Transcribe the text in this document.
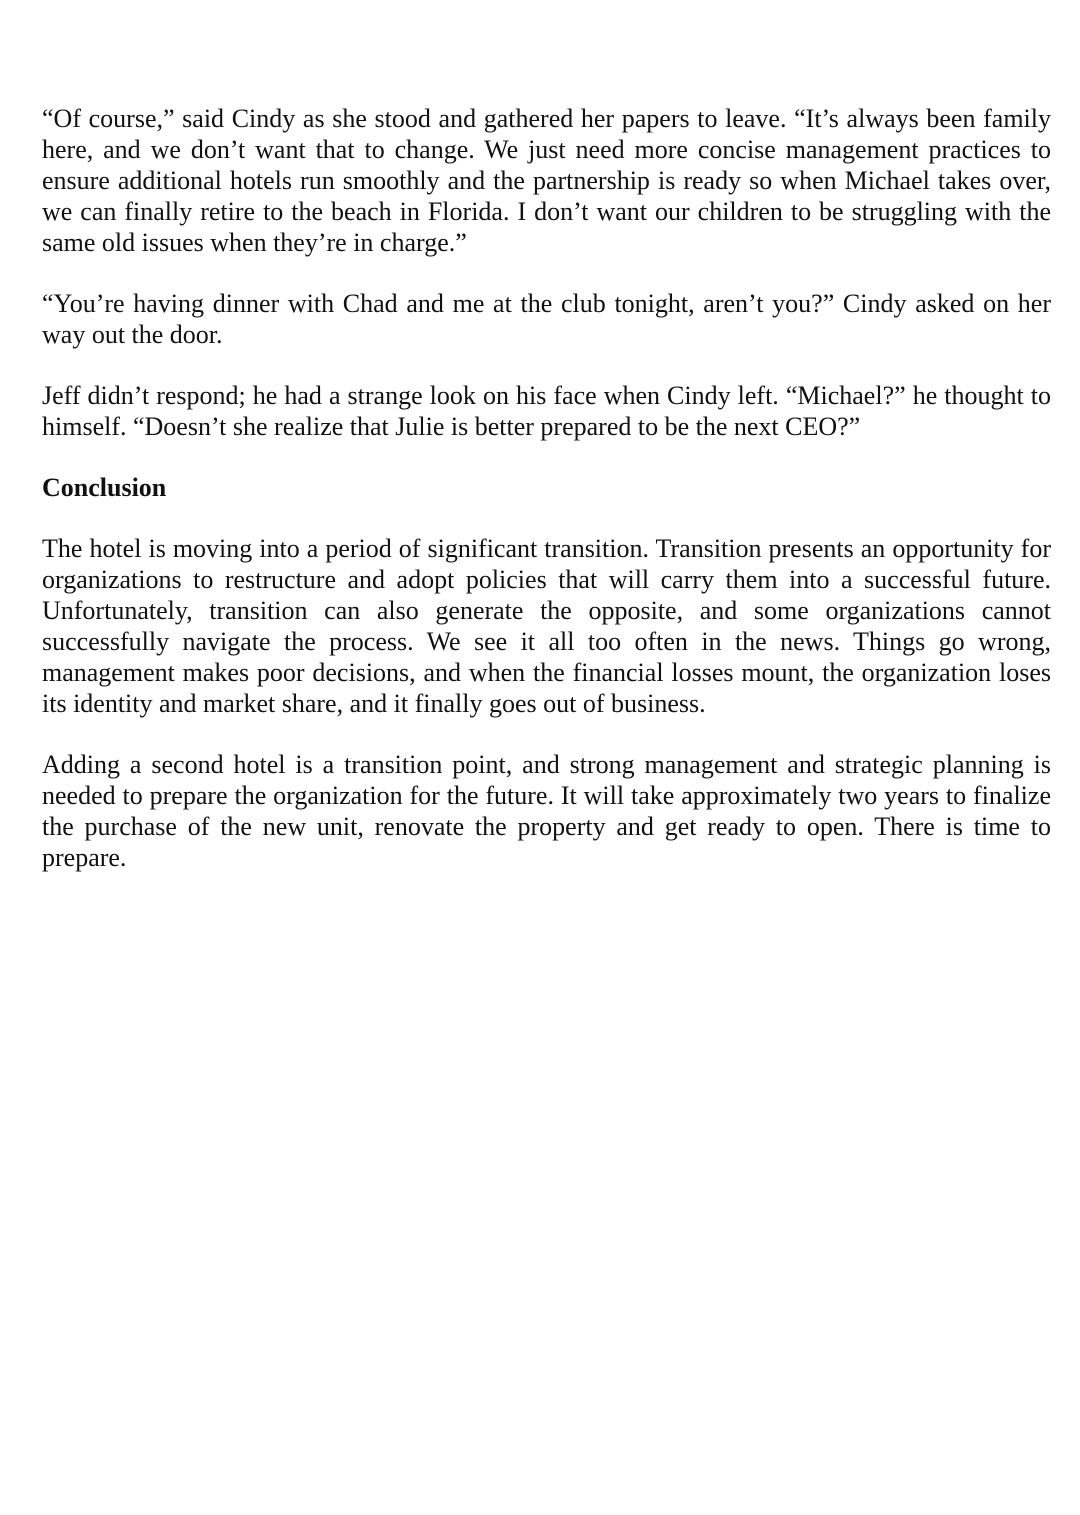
“Of course,” said Cindy as she stood and gathered her papers to leave. “It’s always been family here, and we don’t want that to change. We just need more concise management practices to ensure additional hotels run smoothly and the partnership is ready so when Michael takes over, we can finally retire to the beach in Florida. I don’t want our children to be struggling with the same old issues when they’re in charge.”

“You’re having dinner with Chad and me at the club tonight, aren’t you?” Cindy asked on her way out the door.

Jeff didn’t respond; he had a strange look on his face when Cindy left. “Michael?” he thought to himself. “Doesn’t she realize that Julie is better prepared to be the next CEO?”

Conclusion

The hotel is moving into a period of significant transition. Transition presents an opportunity for organizations to restructure and adopt policies that will carry them into a successful future. Unfortunately, transition can also generate the opposite, and some organizations cannot successfully navigate the process. We see it all too often in the news. Things go wrong, management makes poor decisions, and when the financial losses mount, the organization loses its identity and market share, and it finally goes out of business.

Adding a second hotel is a transition point, and strong management and strategic planning is needed to prepare the organization for the future. It will take approximately two years to finalize the purchase of the new unit, renovate the property and get ready to open. There is time to prepare.
